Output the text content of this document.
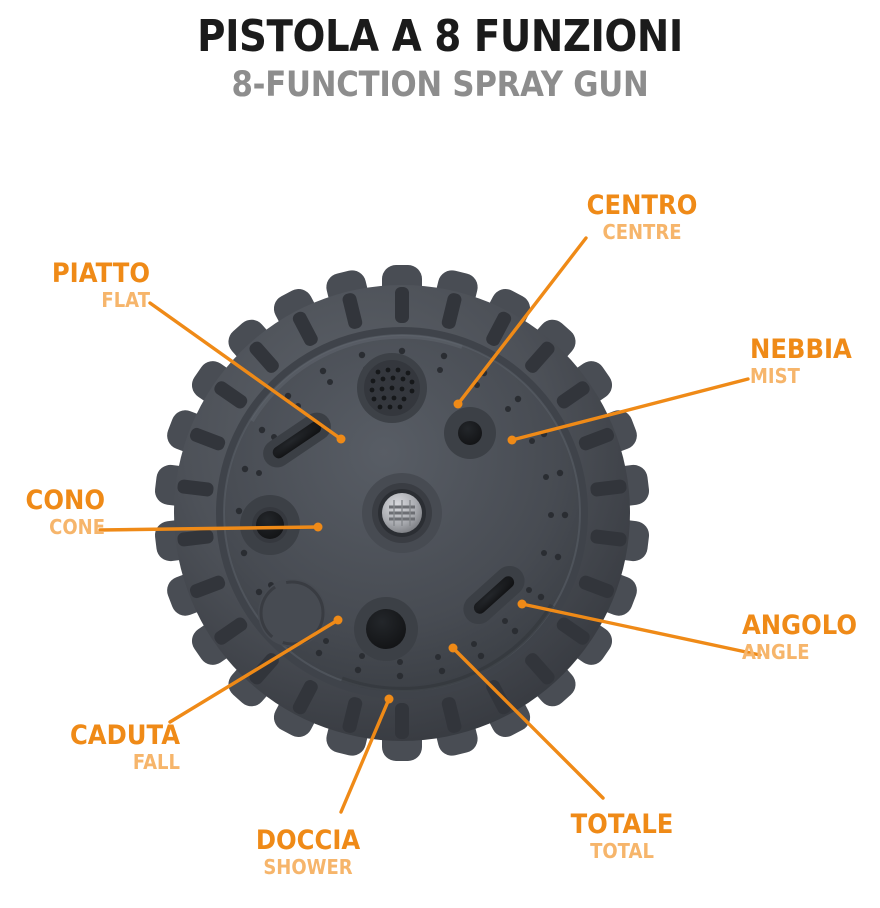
PISTOLA A 8 FUNZIONI
8-FUNCTION SPRAY GUN
CENTRO
CENTRE
PIATTO
FLAT
NEBBIA
MIST
CONO
CONE
ANGOLO
ANGLE
CADUTA
FALL
DOCCIA
SHOWER
TOTALE
TOTAL
